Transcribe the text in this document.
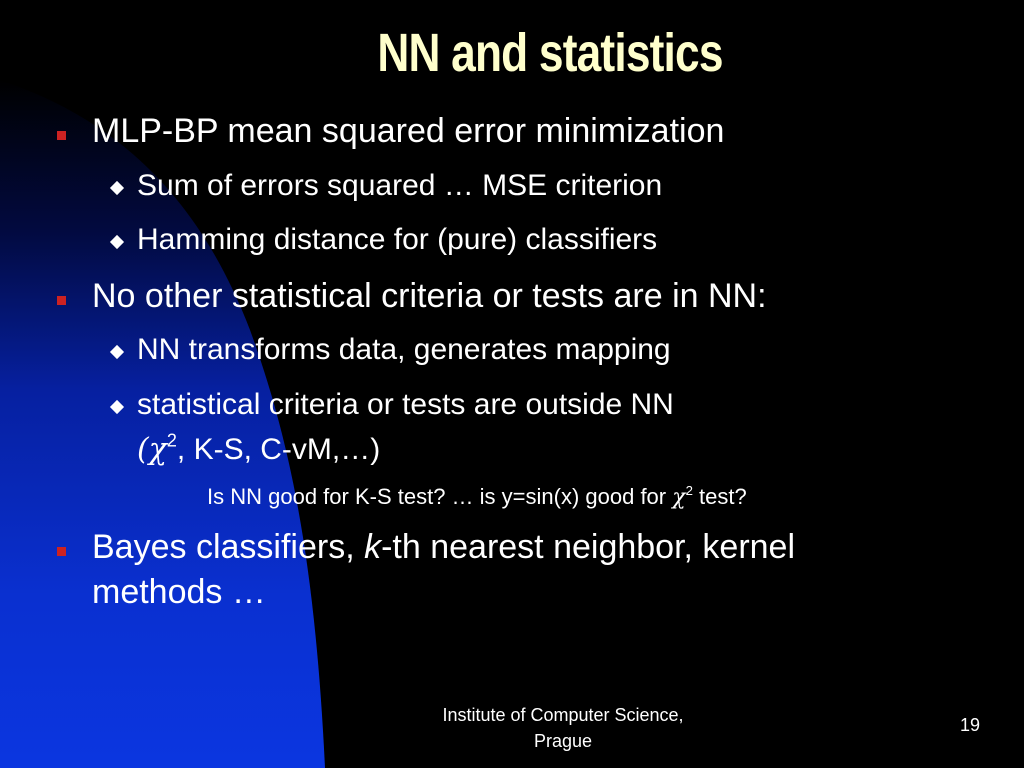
NN and statistics
MLP-BP mean squared error minimization
Sum of errors squared … MSE criterion
Hamming distance for (pure) classifiers
No other statistical criteria or tests are in NN:
NN transforms data, generates mapping
statistical criteria or tests are outside NN
($\chi^2$, K-S, C-vM,…)
Is NN good for K-S test? … is y=sin(x) good for $\chi^2$ test?
Bayes classifiers, k-th nearest neighbor, kernel
methods …
Institute of Computer Science,
Prague
19
